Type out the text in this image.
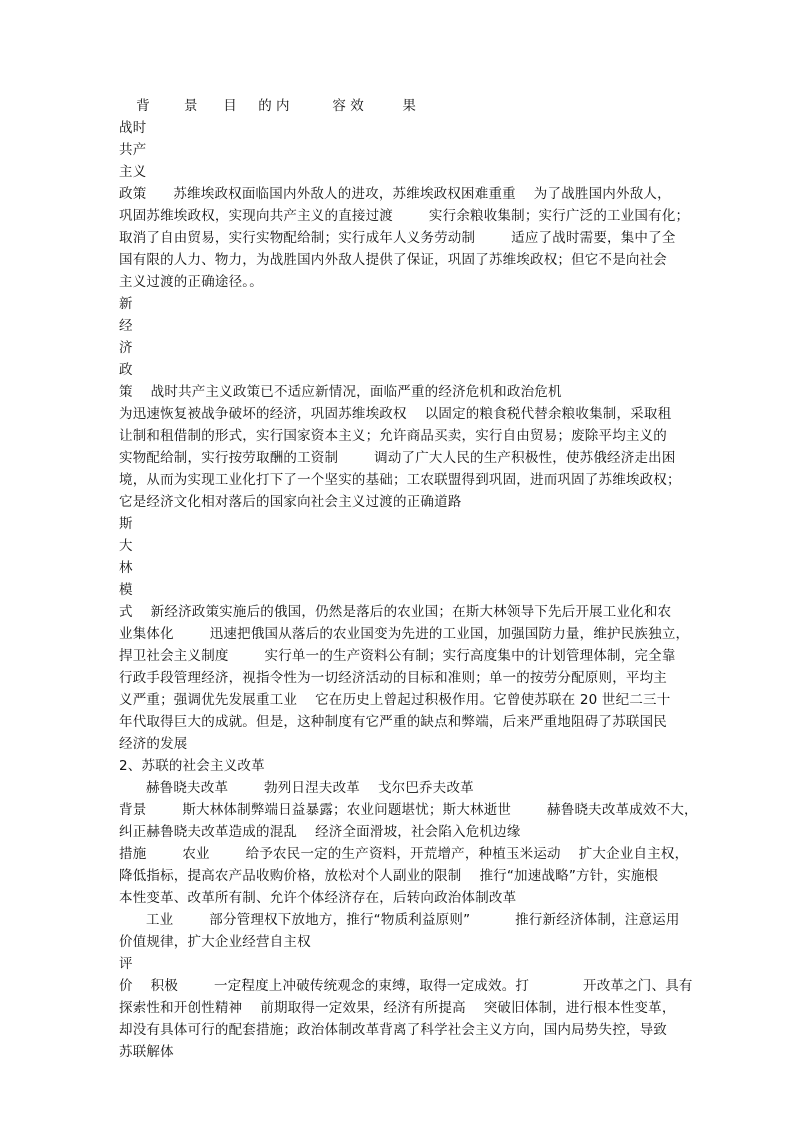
背        景      目     的 内          容 效         果
战时
共产
主义
政策      苏维埃政权面临国内外敌人的进攻，苏维埃政权困难重重    为了战胜国内外敌人，
巩固苏维埃政权，实现向共产主义的直接过渡        实行余粮收集制；实行广泛的工业国有化；
取消了自由贸易，实行实物配给制；实行成年人义务劳动制        适应了战时需要，集中了全
国有限的人力、物力，为战胜国内外敌人提供了保证，巩固了苏维埃政权；但它不是向社会
主义过渡的正确途径。。
新
经
济
政
策    战时共产主义政策已不适应新情况，面临严重的经济危机和政治危机
为迅速恢复被战争破坏的经济，巩固苏维埃政权    以固定的粮食税代替余粮收集制，采取租
让制和租借制的形式，实行国家资本主义；允许商品买卖，实行自由贸易；废除平均主义的
实物配给制，实行按劳取酬的工资制        调动了广大人民的生产积极性，使苏俄经济走出困
境，从而为实现工业化打下了一个坚实的基础；工农联盟得到巩固，进而巩固了苏维埃政权；
它是经济文化相对落后的国家向社会主义过渡的正确道路
斯
大
林
模
式    新经济政策实施后的俄国，仍然是落后的农业国；在斯大林领导下先后开展工业化和农
业集体化        迅速把俄国从落后的农业国变为先进的工业国，加强国防力量，维护民族独立，
捍卫社会主义制度        实行单一的生产资料公有制；实行高度集中的计划管理体制，完全靠
行政手段管理经济，视指令性为一切经济活动的目标和准则；单一的按劳分配原则，平均主
义严重；强调优先发展重工业    它在历史上曾起过积极作用。它曾使苏联在 20 世纪二三十
年代取得巨大的成就。但是，这种制度有它严重的缺点和弊端，后来严重地阻碍了苏联国民
经济的发展
2、苏联的社会主义改革
赫鲁晓夫改革        勃列日涅夫改革    戈尔巴乔夫改革
背景        斯大林体制弊端日益暴露；农业问题堪忧；斯大林逝世        赫鲁晓夫改革成效不大，
纠正赫鲁晓夫改革造成的混乱    经济全面滑坡，社会陷入危机边缘
措施        农业        给予农民一定的生产资料，开荒增产，种植玉米运动    扩大企业自主权，
降低指标，提高农产品收购价格，放松对个人副业的限制    推行“加速战略”方针，实施根
本性变革、改革所有制、允许个体经济存在，后转向政治体制改革
工业        部分管理权下放地方，推行“物质利益原则”          推行新经济体制，注意运用
价值规律，扩大企业经营自主权
评
价    积极        一定程度上冲破传统观念的束缚，取得一定成效。打            开改革之门、具有
探索性和开创性精神    前期取得一定效果，经济有所提高    突破旧体制，进行根本性变革，
却没有具体可行的配套措施；政治体制改革背离了科学社会主义方向，国内局势失控，导致
苏联解体
